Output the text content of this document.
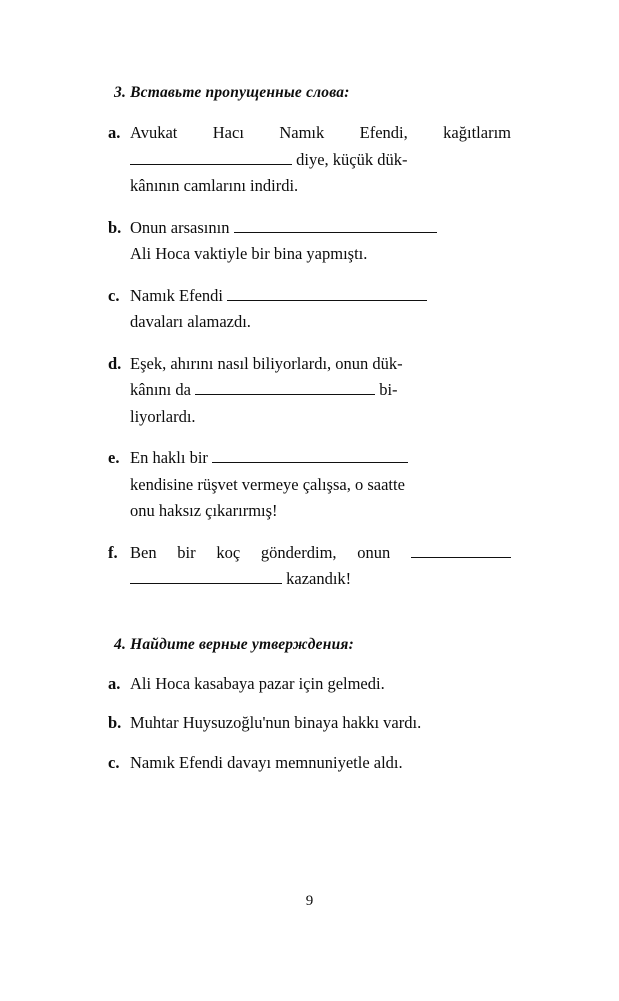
3. Вставьте пропущенные слова:
a. Avukat Hacı Namık Efendi, kağıtlarım
diye, küçük dük-
kânının camlarını indirdi.
b. Onun arsasının
Ali Hoca vaktiyle bir bina yapmıştı.
c. Namık Efendi
davaları alamazdı.
d. Eşek, ahırını nasıl biliyorlardı, onun dük-
kânını da	bi-
liyorlardı.
e. En haklı bir
kendisine rüşvet vermeye çalışsa, o saatte
onu haksız çıkarırmış!
f. Ben bir koç gönderdim, onun
kazandık!
4. Найдите верные утверждения:
a. Ali Hoca kasabaya pazar için gelmedi.
b. Muhtar Huysuzoğlu'nun binaya hakkı vardı.
c. Namık Efendi davayı memnuniyetle aldı.
9
